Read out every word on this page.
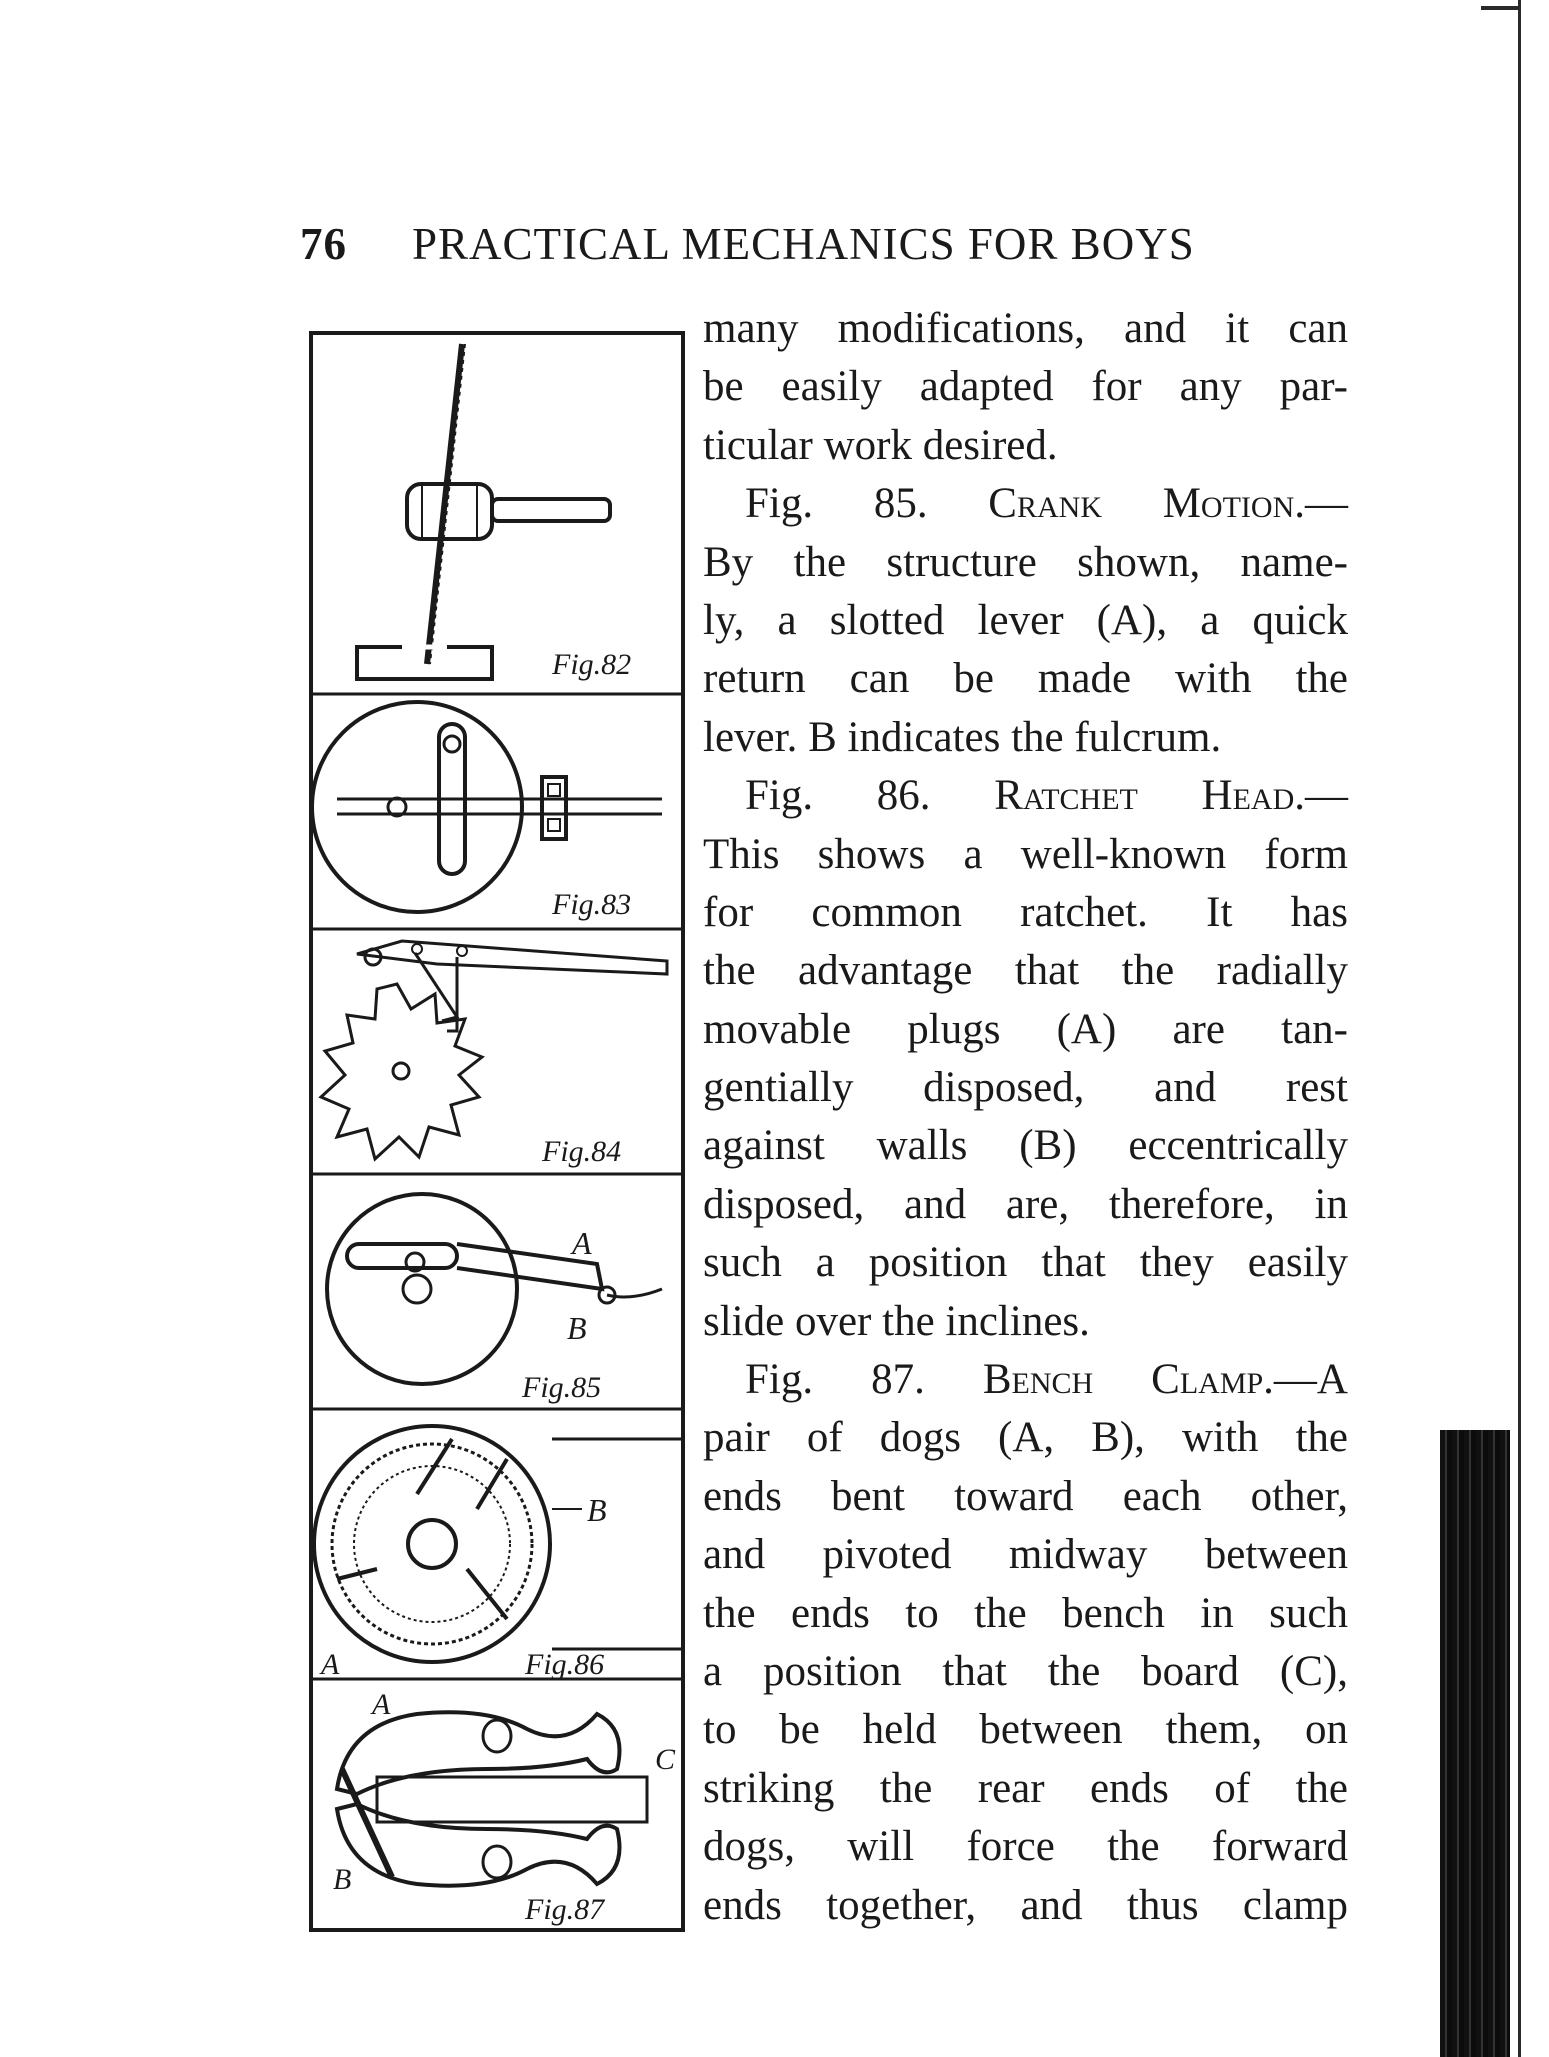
76 PRACTICAL MECHANICS FOR BOYS
Fig.82
Fig.83
Fig.84
A
B
Fig.85
B
A	Fig.86
A
C
B
Fig.87
many modifications, and it can
be easily adapted for any par-
ticular work desired.
Fig. 85. Crank Motion.—
By the structure shown, name-
ly, a slotted lever (A), a quick
return can be made with the
lever. B indicates the fulcrum.
Fig. 86. Ratchet Head.—
This shows a well-known form
for common ratchet. It has
the advantage that the radially
movable plugs (A) are tan-
gentially disposed, and rest
against walls (B) eccentrically
disposed, and are, therefore, in
such a position that they easily
slide over the inclines.
Fig. 87. Bench Clamp.—A
pair of dogs (A, B), with the
ends bent toward each other,
and pivoted midway between
the ends to the bench in such
a position that the board (C),
to be held between them, on
striking the rear ends of the
dogs, will force the forward
ends together, and thus clamp
